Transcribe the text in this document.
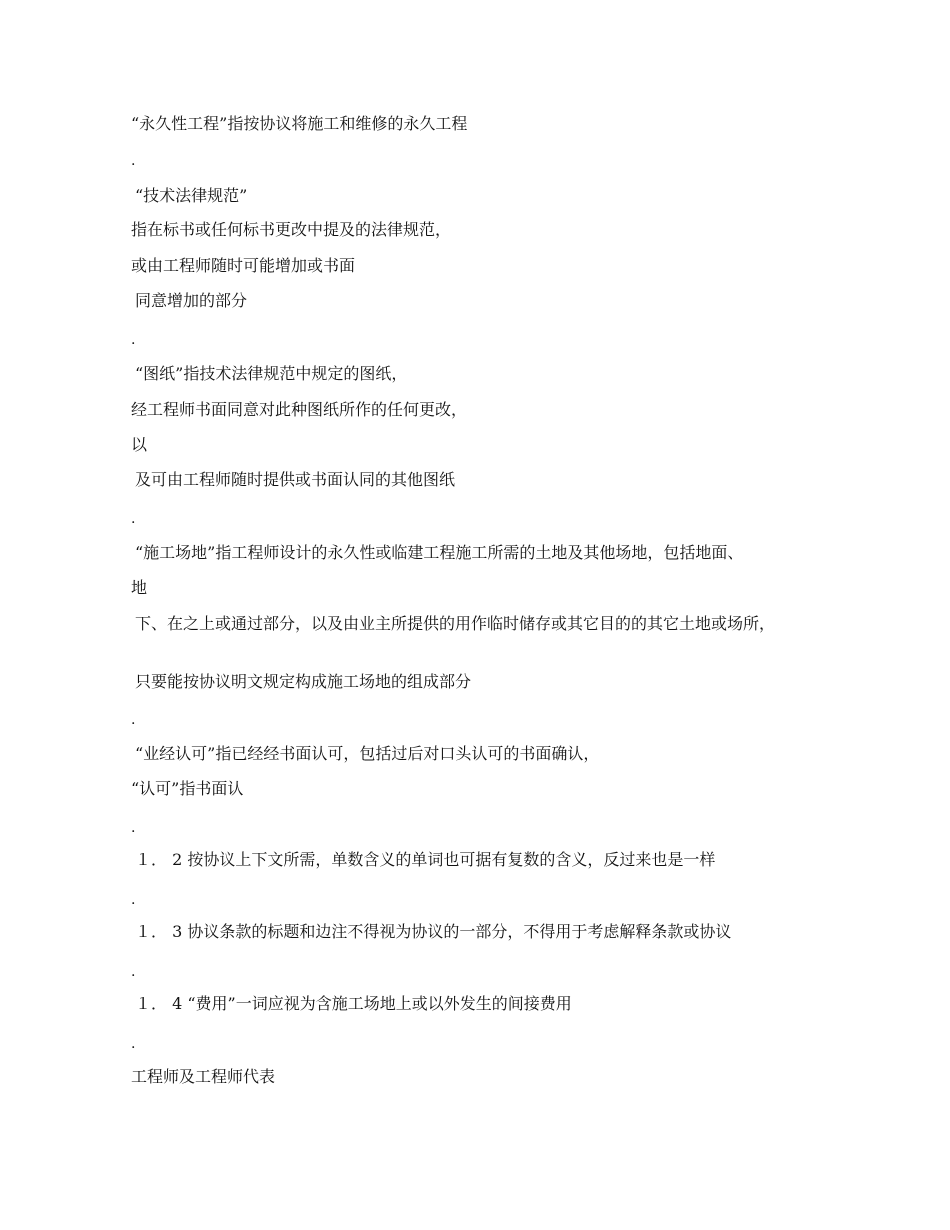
“永久性工程”指按协议将施工和维修的永久工程
.
“技术法律规范”
指在标书或任何标书更改中提及的法律规范，
或由工程师随时可能增加或书面
同意增加的部分
.
“图纸”指技术法律规范中规定的图纸，
经工程师书面同意对此种图纸所作的任何更改，
以
及可由工程师随时提供或书面认同的其他图纸
.
“施工场地”指工程师设计的永久性或临建工程施工所需的土地及其他场地，包括地面、
地
下、在之上或通过部分，以及由业主所提供的用作临时储存或其它目的的其它土地或场所，
只要能按协议明文规定构成施工场地的组成部分
.
“业经认可”指已经经书面认可，包括过后对口头认可的书面确认，
“认可”指书面认
.
１． 2 按协议上下文所需，单数含义的单词也可据有复数的含义，反过来也是一样
.
１． 3 协议条款的标题和边注不得视为协议的一部分，不得用于考虑解释条款或协议
.
１． 4 “费用”一词应视为含施工场地上或以外发生的间接费用
.
工程师及工程师代表
